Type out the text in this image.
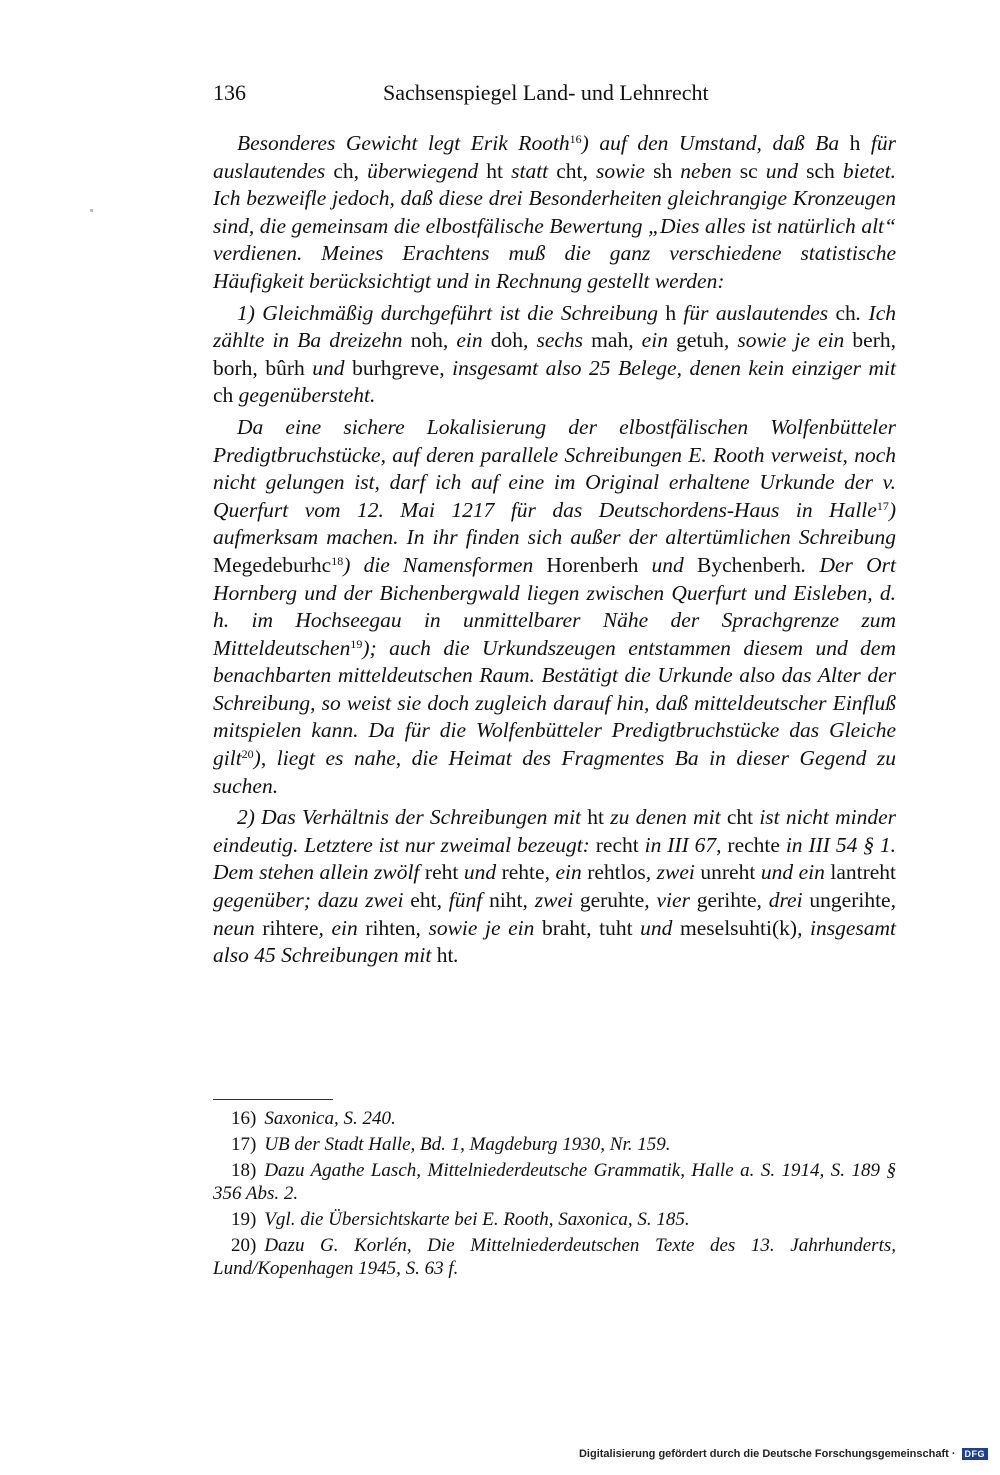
136	Sachsenspiegel Land- und Lehnrecht

Besonderes Gewicht legt Erik Rooth$^{16}$) auf den Umstand, daß Ba h für auslautendes ch, überwiegend ht statt cht, sowie sh neben sc und sch bietet. Ich bezweifle jedoch, daß diese drei Besonderheiten gleichrangige Kronzeugen sind, die gemeinsam die elbostfälische Bewertung „Dies alles ist natürlich alt“ verdienen. Meines Erachtens muß die ganz verschiedene statistische Häufigkeit berücksichtigt und in Rechnung gestellt werden:

1) Gleichmäßig durchgeführt ist die Schreibung h für auslautendes ch. Ich zählte in Ba dreizehn noh, ein doh, sechs mah, ein getuh, sowie je ein berh, borh, bûrh und burhgreve, insgesamt also 25 Belege, denen kein einziger mit ch gegenübersteht.

Da eine sichere Lokalisierung der elbostfälischen Wolfenbütteler Predigtbruchstücke, auf deren parallele Schreibungen E. Rooth verweist, noch nicht gelungen ist, darf ich auf eine im Original erhaltene Urkunde der v. Querfurt vom 12. Mai 1217 für das Deutschordens-Haus in Halle$^{17}$) aufmerksam machen. In ihr finden sich außer der altertümlichen Schreibung Megedeburhc$^{18}$) die Namensformen Horenberh und Bychenberh. Der Ort Hornberg und der Bichenbergwald liegen zwischen Querfurt und Eisleben, d. h. im Hochseegau in unmittelbarer Nähe der Sprachgrenze zum Mitteldeutschen$^{19}$); auch die Urkundszeugen entstammen diesem und dem benachbarten mitteldeutschen Raum. Bestätigt die Urkunde also das Alter der Schreibung, so weist sie doch zugleich darauf hin, daß mitteldeutscher Einfluß mitspielen kann. Da für die Wolfenbütteler Predigtbruchstücke das Gleiche gilt$^{20}$), liegt es nahe, die Heimat des Fragmentes Ba in dieser Gegend zu suchen.

2) Das Verhältnis der Schreibungen mit ht zu denen mit cht ist nicht minder eindeutig. Letztere ist nur zweimal bezeugt: recht in III 67, rechte in III 54 § 1. Dem stehen allein zwölf reht und rehte, ein rehtlos, zwei unreht und ein lantreht gegenüber; dazu zwei eht, fünf niht, zwei geruhte, vier gerihte, drei ungerihte, neun rihtere, ein rihten, sowie je ein braht, tuht und meselsuhti(k), insgesamt also 45 Schreibungen mit ht.

16) Saxonica, S. 240.

17) UB der Stadt Halle, Bd. 1, Magdeburg 1930, Nr. 159.

18) Dazu Agathe Lasch, Mittelniederdeutsche Grammatik, Halle a. S. 1914, S. 189 § 356 Abs. 2.

19) Vgl. die Übersichtskarte bei E. Rooth, Saxonica, S. 185.

20) Dazu G. Korlén, Die Mittelniederdeutschen Texte des 13. Jahrhunderts, Lund/Kopenhagen 1945, S. 63 f.

Digitalisierung gefördert durch die Deutsche Forschungsgemeinschaft ·	DFG
